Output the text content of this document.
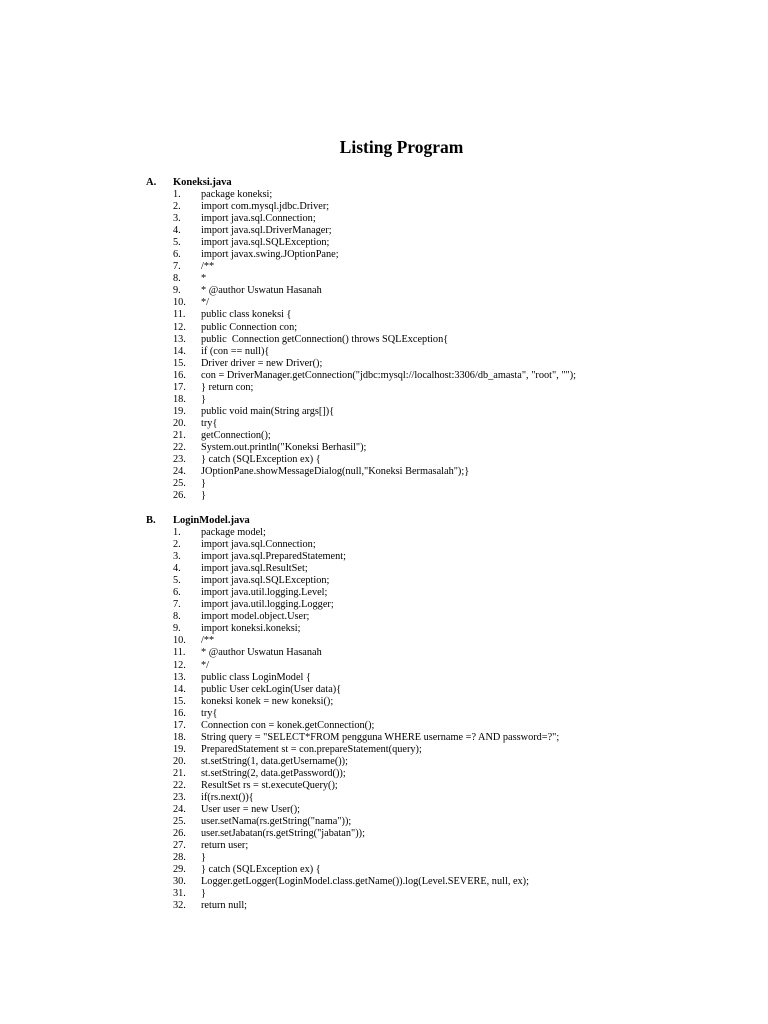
Listing Program
A. Koneksi.java
1. package koneksi;
2. import com.mysql.jdbc.Driver;
3. import java.sql.Connection;
4. import java.sql.DriverManager;
5. import java.sql.SQLException;
6. import javax.swing.JOptionPane;
7. /**
8. *
9. * @author Uswatun Hasanah
10. */
11. public class koneksi {
12. public Connection con;
13. public  Connection getConnection() throws SQLException{
14. if (con == null){
15. Driver driver = new Driver();
16. con = DriverManager.getConnection("jdbc:mysql://localhost:3306/db_amasta", "root", "");
17. } return con;
18. }
19. public void main(String args[]){
20. try{
21. getConnection();
22. System.out.println("Koneksi Berhasil");
23. } catch (SQLException ex) {
24. JOptionPane.showMessageDialog(null,"Koneksi Bermasalah");}
25. }
26. }
B. LoginModel.java
1. package model;
2. import java.sql.Connection;
3. import java.sql.PreparedStatement;
4. import java.sql.ResultSet;
5. import java.sql.SQLException;
6. import java.util.logging.Level;
7. import java.util.logging.Logger;
8. import model.object.User;
9. import koneksi.koneksi;
10. /**
11. * @author Uswatun Hasanah
12. */
13. public class LoginModel {
14. public User cekLogin(User data){
15. koneksi konek = new koneksi();
16. try{
17. Connection con = konek.getConnection();
18. String query = "SELECT*FROM pengguna WHERE username =? AND password=?";
19. PreparedStatement st = con.prepareStatement(query);
20. st.setString(1, data.getUsername());
21. st.setString(2, data.getPassword());
22. ResultSet rs = st.executeQuery();
23. if(rs.next()){
24. User user = new User();
25. user.setNama(rs.getString("nama"));
26. user.setJabatan(rs.getString("jabatan"));
27. return user;
28. }
29. } catch (SQLException ex) {
30. Logger.getLogger(LoginModel.class.getName()).log(Level.SEVERE, null, ex);
31. }
32. return null;
